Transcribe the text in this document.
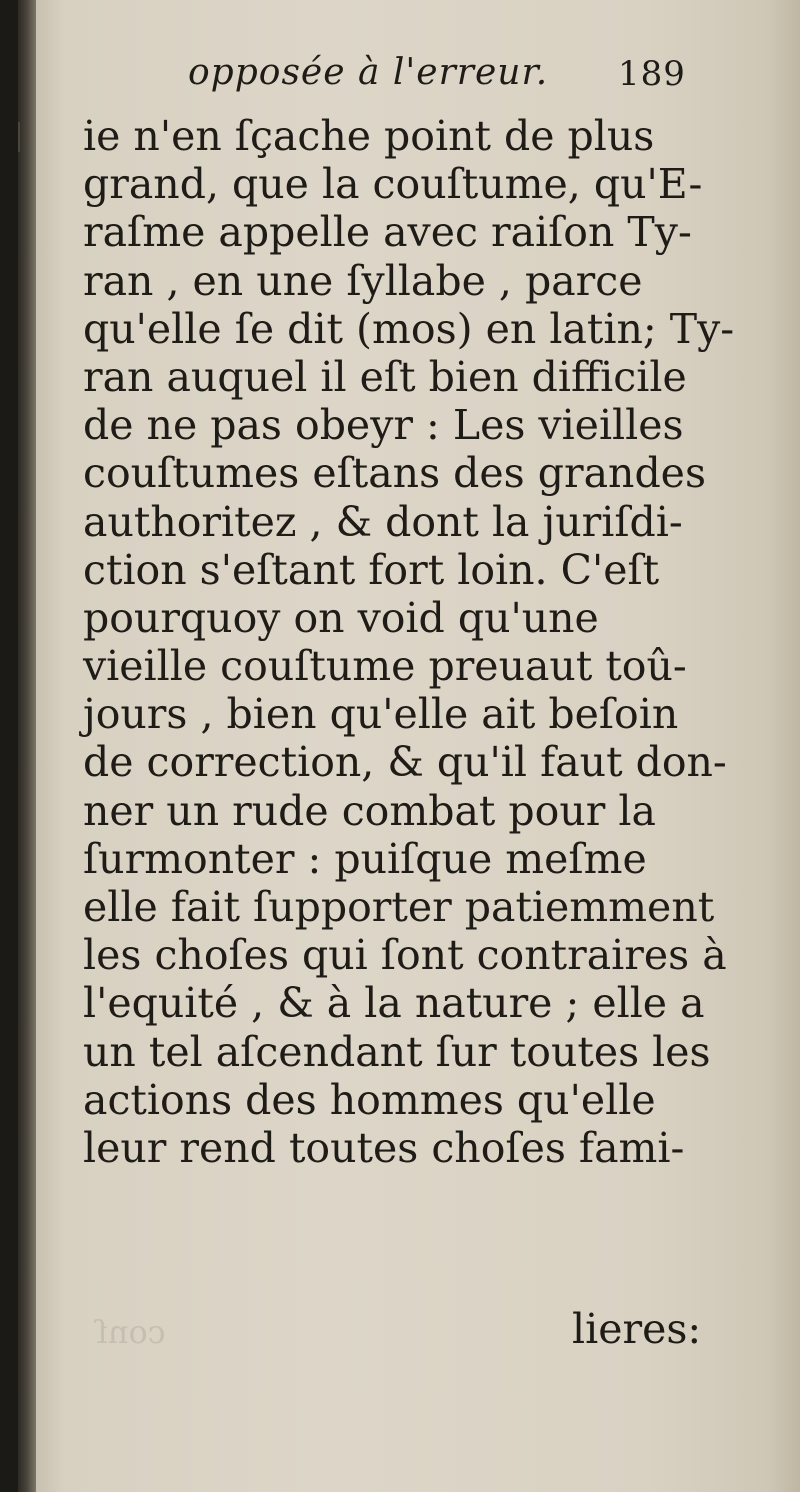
opposée à l'erreur. 189
ie n'en ſçache point de plus
grand, que la couſtume, qu'E-
raſme appelle avec raiſon Ty-
ran , en une ſyllabe , parce
qu'elle ſe dit (mos) en latin; Ty-
ran auquel il eſt bien difficile
de ne pas obeyr : Les vieilles
couſtumes eſtans des grandes
authoritez , & dont la juriſdi-
ction s'eſtant fort loin. C'eſt
pourquoy on void qu'une
vieille couſtume preuaut toû-
jours , bien qu'elle ait beſoin
de correction, & qu'il faut don-
ner un rude combat pour la
ſurmonter : puiſque meſme
elle fait ſupporter patiemment
les choſes qui ſont contraires à
l'equité , & à la nature ; elle a
un tel aſcendant ſur toutes les
actions des hommes qu'elle
leur rend toutes choſes fami-
conſ	lieres:
